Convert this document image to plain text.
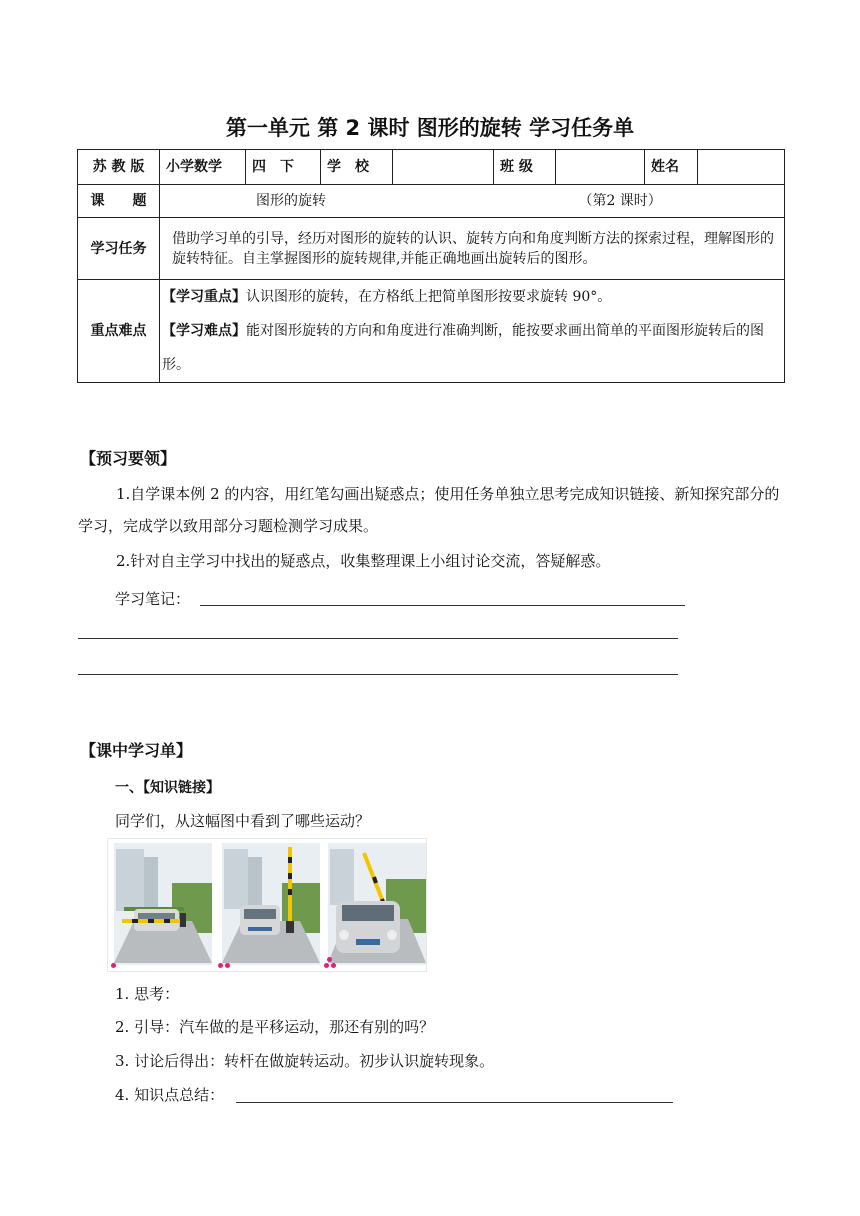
第一单元 第 2 课时 图形的旋转 学习任务单
苏 教 版	小学数学	四　下	学　校		班 级		姓名	
课　　题	图形的旋转 （第2 课时）							
学习任务	借助学习单的引导，经历对图形的旋转的认识、旋转方向和角度判断方法的探索过程，理解图形的旋转特征。自主掌握图形的旋转规律,并能正确地画出旋转后的图形。							
重点难点	【学习重点】认识图形的旋转，在方格纸上把简单图形按要求旋转 90°。

【学习难点】能对图形旋转的方向和角度进行准确判断，能按要求画出简单的平面图形旋转后的图形。							

【预习要领】
1.自学课本例 2 的内容，用红笔勾画出疑惑点；使用任务单独立思考完成知识链接、新知探究部分的学习，完成学以致用部分习题检测学习成果。
2.针对自主学习中找出的疑惑点，收集整理课上小组讨论交流，答疑解惑。
学习笔记：
【课中学习单】
一、【知识链接】
同学们，从这幅图中看到了哪些运动？
1. 思考：
2. 引导：汽车做的是平移运动，那还有别的吗？
3. 讨论后得出：转杆在做旋转运动。初步认识旋转现象。
4. 知识点总结：
